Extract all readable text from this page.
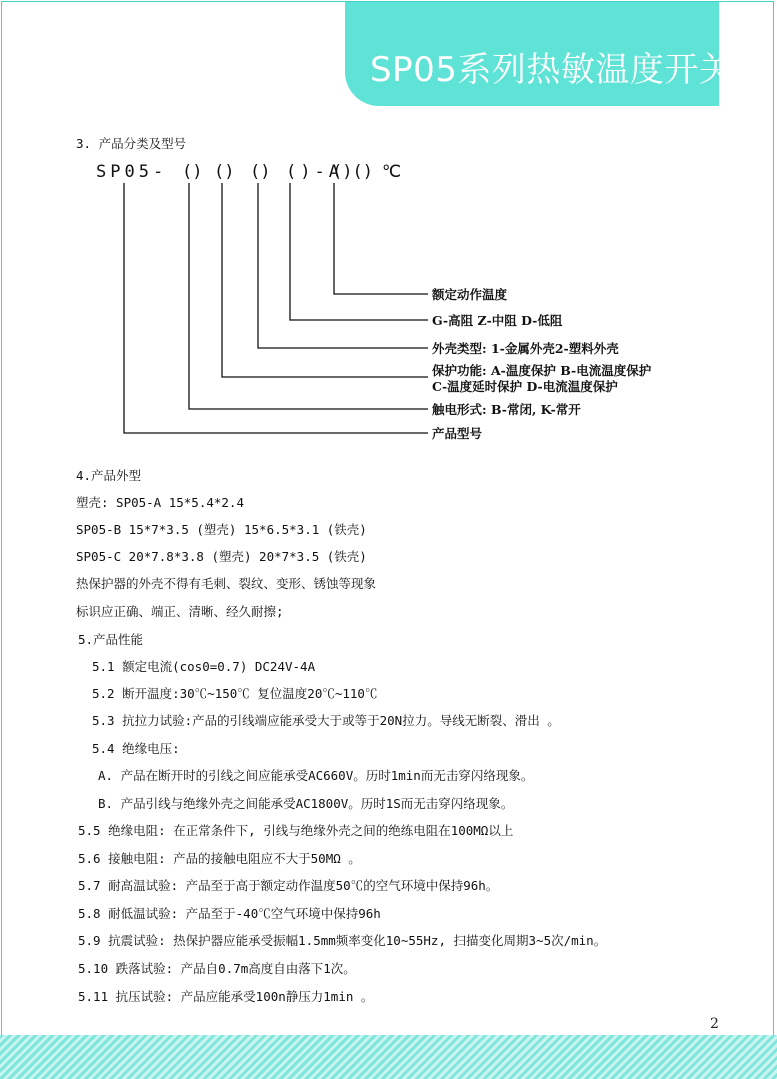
SP05系列热敏温度开关
3. 产品分类及型号
SP05- () () () ()-A
()() ℃
额定动作温度
G-高阻 Z-中阻 D-低阻
外壳类型: 1-金属外壳2-塑料外壳
保护功能: A-温度保护 B-电流温度保护
C-温度延时保护 D-电流温度保护
触电形式: B-常闭, K-常开
产品型号
4.产品外型
塑壳: SP05-A 15*5.4*2.4
SP05-B 15*7*3.5 (塑壳) 15*6.5*3.1 (铁壳)
SP05-C 20*7.8*3.8 (塑壳) 20*7*3.5 (铁壳)
热保护器的外壳不得有毛刺、裂纹、变形、锈蚀等现象
标识应正确、端正、清晰、经久耐擦;
5.产品性能
5.1 额定电流(cos0=0.7) DC24V-4A
5.2 断开温度:30℃~150℃ 复位温度20℃~110℃
5.3 抗拉力试验:产品的引线端应能承受大于或等于20N拉力。导线无断裂、滑出 。
5.4 绝缘电压:
A. 产品在断开时的引线之间应能承受AC660V。历时1min而无击穿闪络现象。
B. 产品引线与绝缘外壳之间能承受AC1800V。历时1S而无击穿闪络现象。
5.5 绝缘电阻: 在正常条件下, 引线与绝缘外壳之间的绝练电阻在100MΩ以上
5.6 接触电阻: 产品的接触电阻应不大于50MΩ 。
5.7 耐高温试验: 产品至于高于额定动作温度50℃的空气环境中保持96h。
5.8 耐低温试验: 产品至于-40℃空气环境中保持96h
5.9 抗震试验: 热保护器应能承受振幅1.5mm频率变化10~55Hz, 扫描变化周期3~5次/min。
5.10 跌落试验: 产品自0.7m高度自由落下1次。
5.11 抗压试验: 产品应能承受100n静压力1min 。
2
